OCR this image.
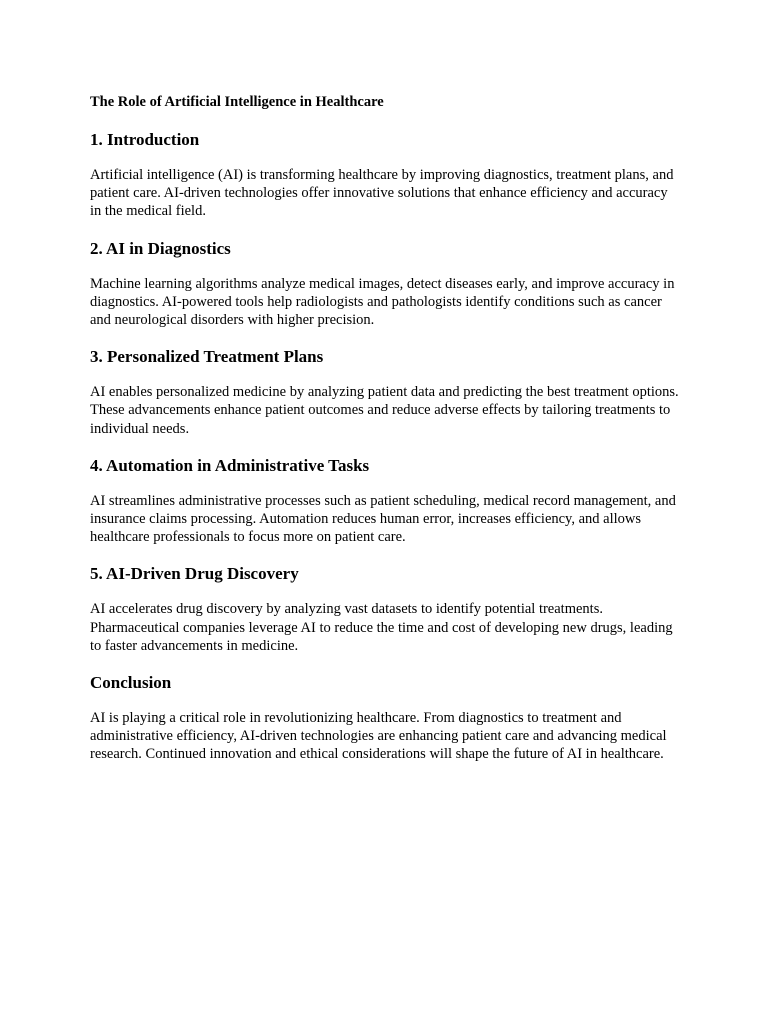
The Role of Artificial Intelligence in Healthcare
1. Introduction

Artificial intelligence (AI) is transforming healthcare by improving diagnostics, treatment plans, and patient care. AI-driven technologies offer innovative solutions that enhance efficiency and accuracy in the medical field.

2. AI in Diagnostics

Machine learning algorithms analyze medical images, detect diseases early, and improve accuracy in diagnostics. AI-powered tools help radiologists and pathologists identify conditions such as cancer and neurological disorders with higher precision.

3. Personalized Treatment Plans

AI enables personalized medicine by analyzing patient data and predicting the best treatment options. These advancements enhance patient outcomes and reduce adverse effects by tailoring treatments to individual needs.

4. Automation in Administrative Tasks

AI streamlines administrative processes such as patient scheduling, medical record management, and insurance claims processing. Automation reduces human error, increases efficiency, and allows healthcare professionals to focus more on patient care.

5. AI-Driven Drug Discovery

AI accelerates drug discovery by analyzing vast datasets to identify potential treatments. Pharmaceutical companies leverage AI to reduce the time and cost of developing new drugs, leading to faster advancements in medicine.

Conclusion

AI is playing a critical role in revolutionizing healthcare. From diagnostics to treatment and administrative efficiency, AI-driven technologies are enhancing patient care and advancing medical research. Continued innovation and ethical considerations will shape the future of AI in healthcare.
